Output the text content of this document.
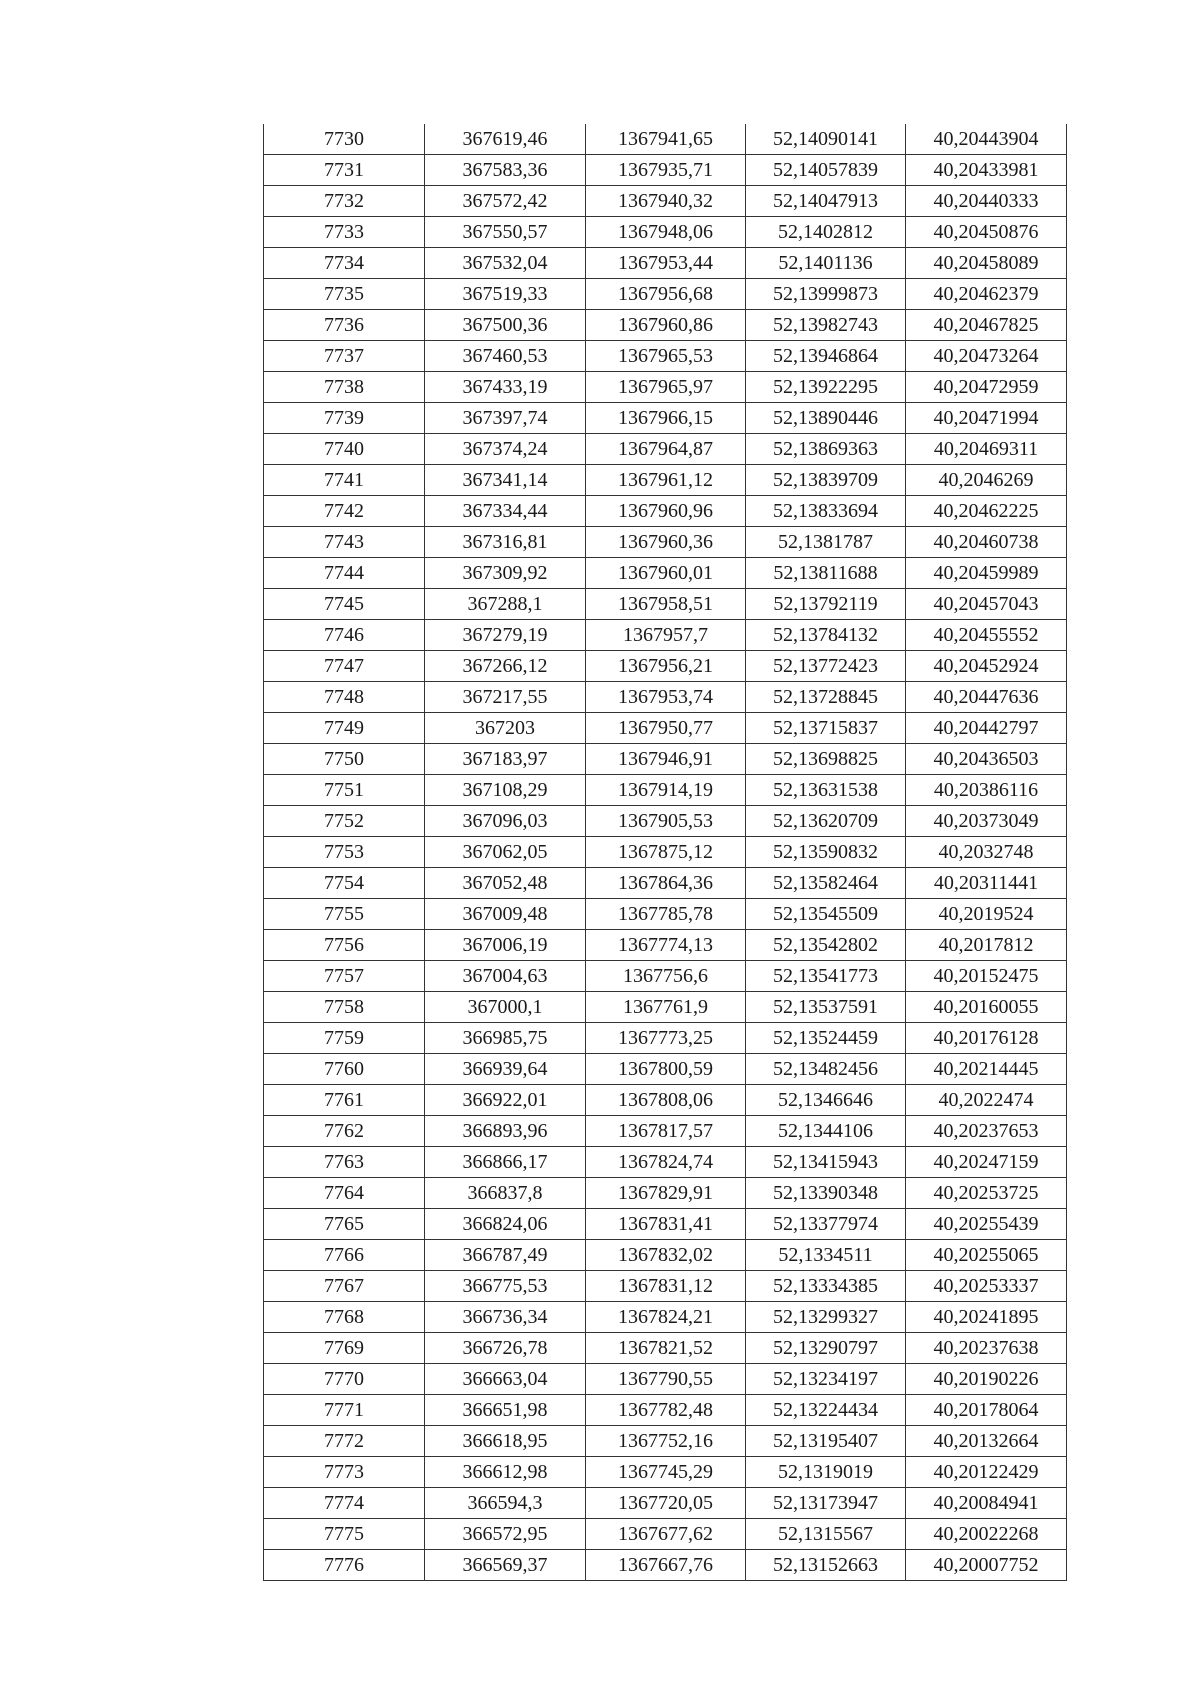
7730	367619,46	1367941,65	52,14090141	40,20443904
7731	367583,36	1367935,71	52,14057839	40,20433981
7732	367572,42	1367940,32	52,14047913	40,20440333
7733	367550,57	1367948,06	52,1402812	40,20450876
7734	367532,04	1367953,44	52,1401136	40,20458089
7735	367519,33	1367956,68	52,13999873	40,20462379
7736	367500,36	1367960,86	52,13982743	40,20467825
7737	367460,53	1367965,53	52,13946864	40,20473264
7738	367433,19	1367965,97	52,13922295	40,20472959
7739	367397,74	1367966,15	52,13890446	40,20471994
7740	367374,24	1367964,87	52,13869363	40,20469311
7741	367341,14	1367961,12	52,13839709	40,2046269
7742	367334,44	1367960,96	52,13833694	40,20462225
7743	367316,81	1367960,36	52,1381787	40,20460738
7744	367309,92	1367960,01	52,13811688	40,20459989
7745	367288,1	1367958,51	52,13792119	40,20457043
7746	367279,19	1367957,7	52,13784132	40,20455552
7747	367266,12	1367956,21	52,13772423	40,20452924
7748	367217,55	1367953,74	52,13728845	40,20447636
7749	367203	1367950,77	52,13715837	40,20442797
7750	367183,97	1367946,91	52,13698825	40,20436503
7751	367108,29	1367914,19	52,13631538	40,20386116
7752	367096,03	1367905,53	52,13620709	40,20373049
7753	367062,05	1367875,12	52,13590832	40,2032748
7754	367052,48	1367864,36	52,13582464	40,20311441
7755	367009,48	1367785,78	52,13545509	40,2019524
7756	367006,19	1367774,13	52,13542802	40,2017812
7757	367004,63	1367756,6	52,13541773	40,20152475
7758	367000,1	1367761,9	52,13537591	40,20160055
7759	366985,75	1367773,25	52,13524459	40,20176128
7760	366939,64	1367800,59	52,13482456	40,20214445
7761	366922,01	1367808,06	52,1346646	40,2022474
7762	366893,96	1367817,57	52,1344106	40,20237653
7763	366866,17	1367824,74	52,13415943	40,20247159
7764	366837,8	1367829,91	52,13390348	40,20253725
7765	366824,06	1367831,41	52,13377974	40,20255439
7766	366787,49	1367832,02	52,1334511	40,20255065
7767	366775,53	1367831,12	52,13334385	40,20253337
7768	366736,34	1367824,21	52,13299327	40,20241895
7769	366726,78	1367821,52	52,13290797	40,20237638
7770	366663,04	1367790,55	52,13234197	40,20190226
7771	366651,98	1367782,48	52,13224434	40,20178064
7772	366618,95	1367752,16	52,13195407	40,20132664
7773	366612,98	1367745,29	52,1319019	40,20122429
7774	366594,3	1367720,05	52,13173947	40,20084941
7775	366572,95	1367677,62	52,1315567	40,20022268
7776	366569,37	1367667,76	52,13152663	40,20007752
